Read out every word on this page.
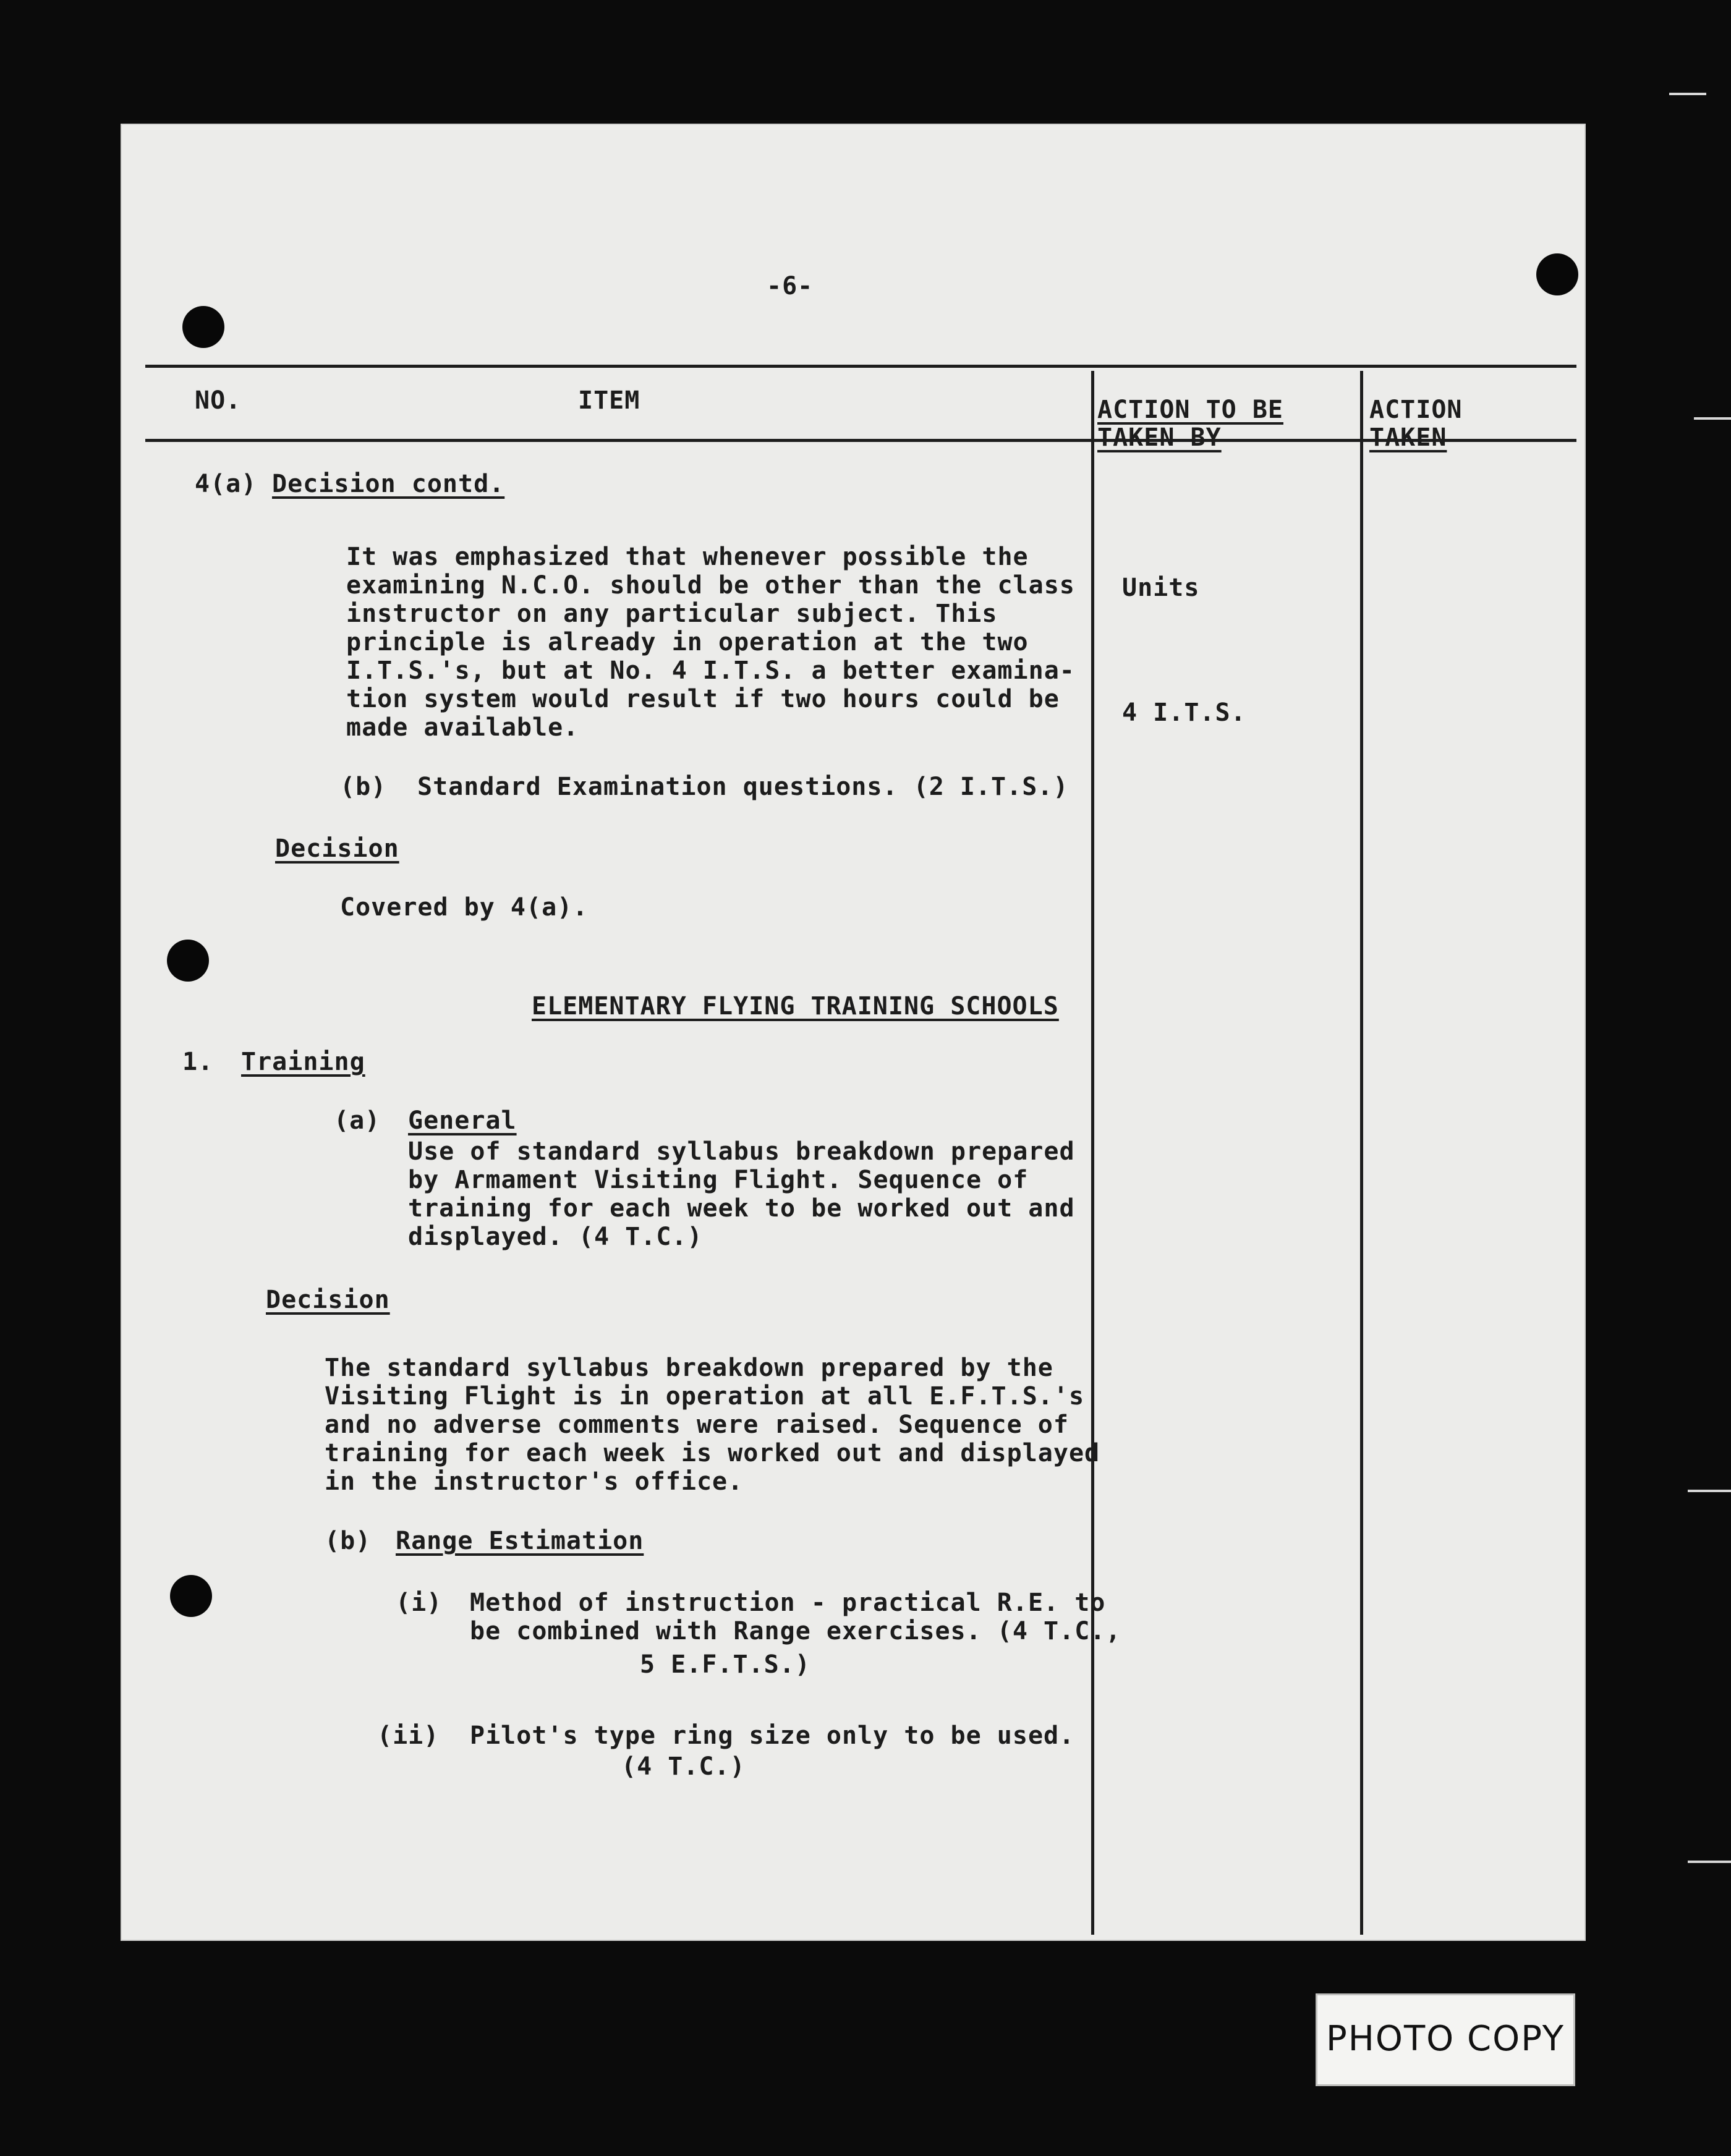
-6-
NO.	ITEM	ACTION TO BE
TAKEN BY
ACTION
TAKEN
4(a) Decision contd.
It was emphasized that whenever possible the
examining N.C.O. should be other than the class
instructor on any particular subject. This
principle is already in operation at the two
I.T.S.'s, but at No. 4 I.T.S. a better examina-
tion system would result if two hours could be
made available.
Units
4 I.T.S.
(b) Standard Examination questions. (2 I.T.S.)
Decision
Covered by 4(a).
ELEMENTARY FLYING TRAINING SCHOOLS
1. Training
(a) General
Use of standard syllabus breakdown prepared
by Armament Visiting Flight. Sequence of
training for each week to be worked out and
displayed. (4 T.C.)
Decision
The standard syllabus breakdown prepared by the
Visiting Flight is in operation at all E.F.T.S.'s
and no adverse comments were raised. Sequence of
training for each week is worked out and displayed
in the instructor's office.
(b) Range Estimation
(i) Method of instruction - practical R.E. to
be combined with Range exercises. (4 T.C.,
5 E.F.T.S.)
(ii) Pilot's type ring size only to be used.
(4 T.C.)
PHOTO COPY
